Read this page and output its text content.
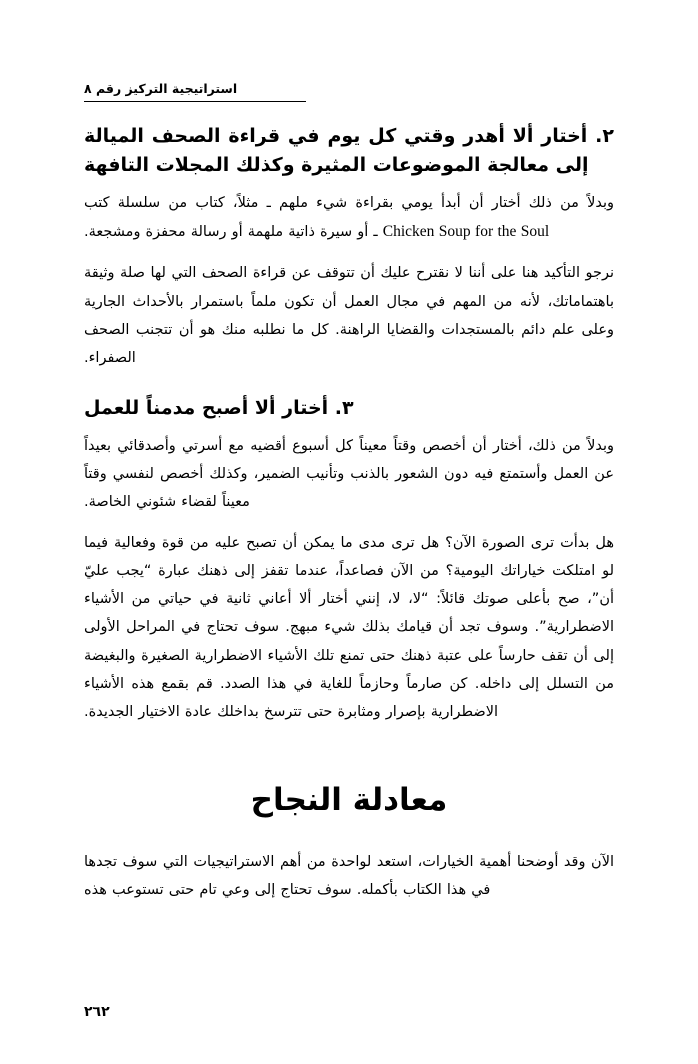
استراتيجية التركيز رقم ٨
٢. أختار ألا أهدر وقتي كل يوم في قراءة الصحف الميالة إلى معالجة الموضوعات المثيرة وكذلك المجلات التافهة

وبدلاً من ذلك أختار أن أبدأ يومي بقراءة شيء ملهم ـ مثلاً، كتاب من سلسلة كتب Chicken Soup for the Soul ـ أو سيرة ذاتية ملهمة أو رسالة محفزة ومشجعة.

نرجو التأكيد هنا على أننا لا نقترح عليك أن تتوقف عن قراءة الصحف التي لها صلة وثيقة باهتماماتك، لأنه من المهم في مجال العمل أن تكون ملماً باستمرار بالأحداث الجارية وعلى علم دائم بالمستجدات والقضايا الراهنة. كل ما نطلبه منك هو أن تتجنب الصحف الصفراء.

٣. أختار ألا أصبح مدمناً للعمل

وبدلاً من ذلك، أختار أن أخصص وقتاً معيناً كل أسبوع أقضيه مع أسرتي وأصدقائي بعيداً عن العمل وأستمتع فيه دون الشعور بالذنب وتأنيب الضمير، وكذلك أخصص لنفسي وقتاً معيناً لقضاء شئوني الخاصة.

هل بدأت ترى الصورة الآن؟ هل ترى مدى ما يمكن أن تصبح عليه من قوة وفعالية فيما لو امتلكت خياراتك اليومية؟ من الآن فصاعداً، عندما تقفز إلى ذهنك عبارة “يجب عليّ أن”، صح بأعلى صوتك قائلاً: “لا، لا، إنني أختار ألا أعاني ثانية في حياتي من الأشياء الاضطرارية”. وسوف تجد أن قيامك بذلك شيء مبهج. سوف تحتاج في المراحل الأولى إلى أن تقف حارساً على عتبة ذهنك حتى تمنع تلك الأشياء الاضطرارية الصغيرة والبغيضة من التسلل إلى داخله. كن صارماً وحازماً للغاية في هذا الصدد. قم بقمع هذه الأشياء الاضطرارية بإصرار ومثابرة حتى تترسخ بداخلك عادة الاختيار الجديدة.

معادلة النجاح

الآن وقد أوضحنا أهمية الخيارات، استعد لواحدة من أهم الاستراتيجيات التي سوف تجدها في هذا الكتاب بأكمله. سوف تحتاج إلى وعي تام حتى تستوعب هذه

٢٦٢
